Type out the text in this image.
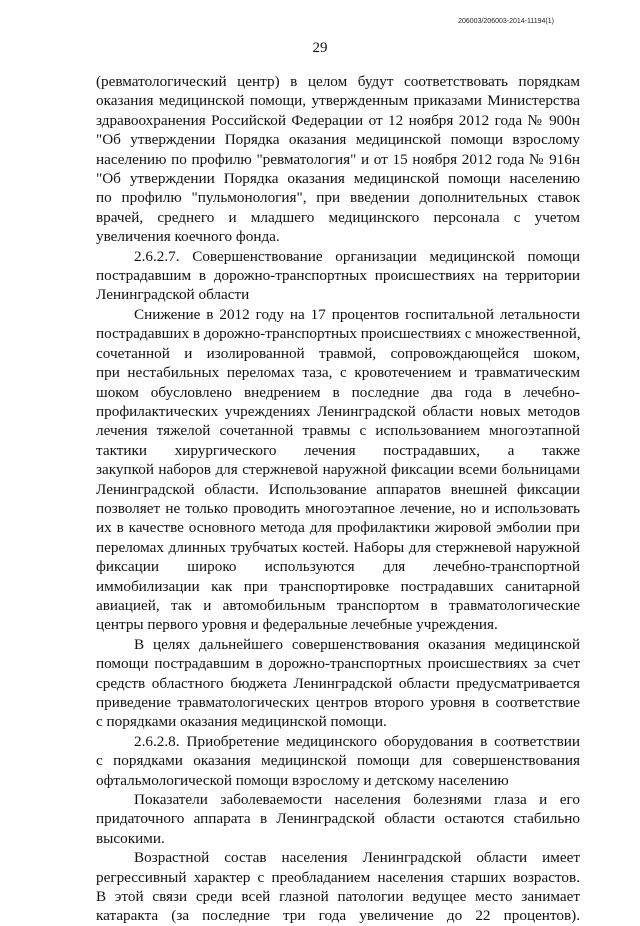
206003/206003-2014-11194(1)
29
(ревматологический центр) в целом будут соответствовать порядкам
оказания медицинской помощи, утвержденным приказами Министерства
здравоохранения Российской Федерации от 12 ноября 2012 года № 900н
"Об утверждении Порядка оказания медицинской помощи взрослому
населению по профилю "ревматология" и от 15 ноября 2012 года № 916н
"Об утверждении Порядка оказания медицинской помощи населению
по профилю "пульмонология", при введении дополнительных ставок
врачей, среднего и младшего медицинского персонала с учетом
увеличения коечного фонда.
2.6.2.7. Совершенствование организации медицинской помощи
пострадавшим в дорожно-транспортных происшествиях на территории
Ленинградской области
Снижение в 2012 году на 17 процентов госпитальной летальности
пострадавших в дорожно-транспортных происшествиях с множественной,
сочетанной и изолированной травмой, сопровождающейся шоком,
при нестабильных переломах таза, с кровотечением и травматическим
шоком обусловлено внедрением в последние два года в лечебно-
профилактических учреждениях Ленинградской области новых методов
лечения тяжелой сочетанной травмы с использованием многоэтапной
тактики хирургического лечения пострадавших, а также
закупкой наборов для стержневой наружной фиксации всеми больницами
Ленинградской области. Использование аппаратов внешней фиксации
позволяет не только проводить многоэтапное лечение, но и использовать
их в качестве основного метода для профилактики жировой эмболии при
переломах длинных трубчатых костей. Наборы для стержневой наружной
фиксации широко используются для лечебно-транспортной
иммобилизации как при транспортировке пострадавших санитарной
авиацией, так и автомобильным транспортом в травматологические
центры первого уровня и федеральные лечебные учреждения.
В целях дальнейшего совершенствования оказания медицинской
помощи пострадавшим в дорожно-транспортных происшествиях за счет
средств областного бюджета Ленинградской области предусматривается
приведение травматологических центров второго уровня в соответствие
с порядками оказания медицинской помощи.
2.6.2.8. Приобретение медицинского оборудования в соответствии
с порядками оказания медицинской помощи для совершенствования
офтальмологической помощи взрослому и детскому населению
Показатели заболеваемости населения болезнями глаза и его
придаточного аппарата в Ленинградской области остаются стабильно
высокими.
Возрастной состав населения Ленинградской области имеет
регрессивный характер с преобладанием населения старших возрастов.
В этой связи среди всей глазной патологии ведущее место занимает
катаракта (за последние три года увеличение до 22 процентов).
